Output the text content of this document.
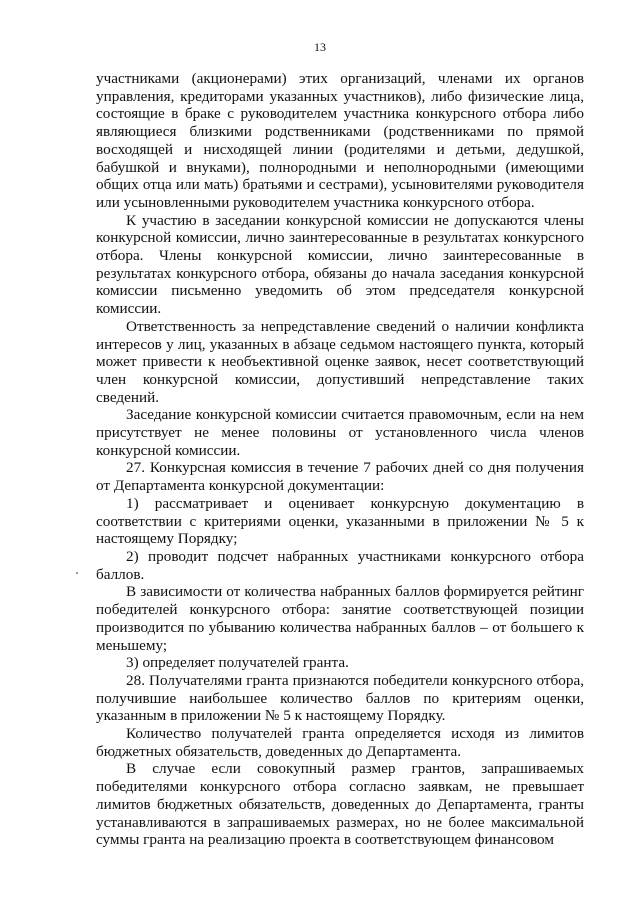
13

участниками (акционерами) этих организаций, членами их органов управления, кредиторами указанных участников), либо физические лица, состоящие в браке с руководителем участника конкурсного отбора либо являющиеся близкими родственниками (родственниками по прямой восходящей и нисходящей линии (родителями и детьми, дедушкой, бабушкой и внуками), полнородными и неполнородными (имеющими общих отца или мать) братьями и сестрами), усыновителями руководителя или усыновленными руководителем участника конкурсного отбора.

К участию в заседании конкурсной комиссии не допускаются члены конкурсной комиссии, лично заинтересованные в результатах конкурсного отбора. Члены конкурсной комиссии, лично заинтересованные в результатах конкурсного отбора, обязаны до начала заседания конкурсной комиссии письменно уведомить об этом председателя конкурсной комиссии.

Ответственность за непредставление сведений о наличии конфликта интересов у лиц, указанных в абзаце седьмом настоящего пункта, который может привести к необъективной оценке заявок, несет соответствующий член конкурсной комиссии, допустивший непредставление таких сведений.

Заседание конкурсной комиссии считается правомочным, если на нем присутствует не менее половины от установленного числа членов конкурсной комиссии.

27. Конкурсная комиссия в течение 7 рабочих дней со дня получения от Департамента конкурсной документации:

1) рассматривает и оценивает конкурсную документацию в соответствии с критериями оценки, указанными в приложении № 5 к настоящему Порядку;

2) проводит подсчет набранных участниками конкурсного отбора баллов.

В зависимости от количества набранных баллов формируется рейтинг победителей конкурсного отбора: занятие соответствующей позиции производится по убыванию количества набранных баллов – от большего к меньшему;

3) определяет получателей гранта.

28. Получателями гранта признаются победители конкурсного отбора, получившие наибольшее количество баллов по критериям оценки, указанным в приложении № 5 к настоящему Порядку.

Количество получателей гранта определяется исходя из лимитов бюджетных обязательств, доведенных до Департамента.

В случае если совокупный размер грантов, запрашиваемых победителями конкурсного отбора согласно заявкам, не превышает лимитов бюджетных обязательств, доведенных до Департамента, гранты устанавливаются в запрашиваемых размерах, но не более максимальной суммы гранта на реализацию проекта в соответствующем финансовом
